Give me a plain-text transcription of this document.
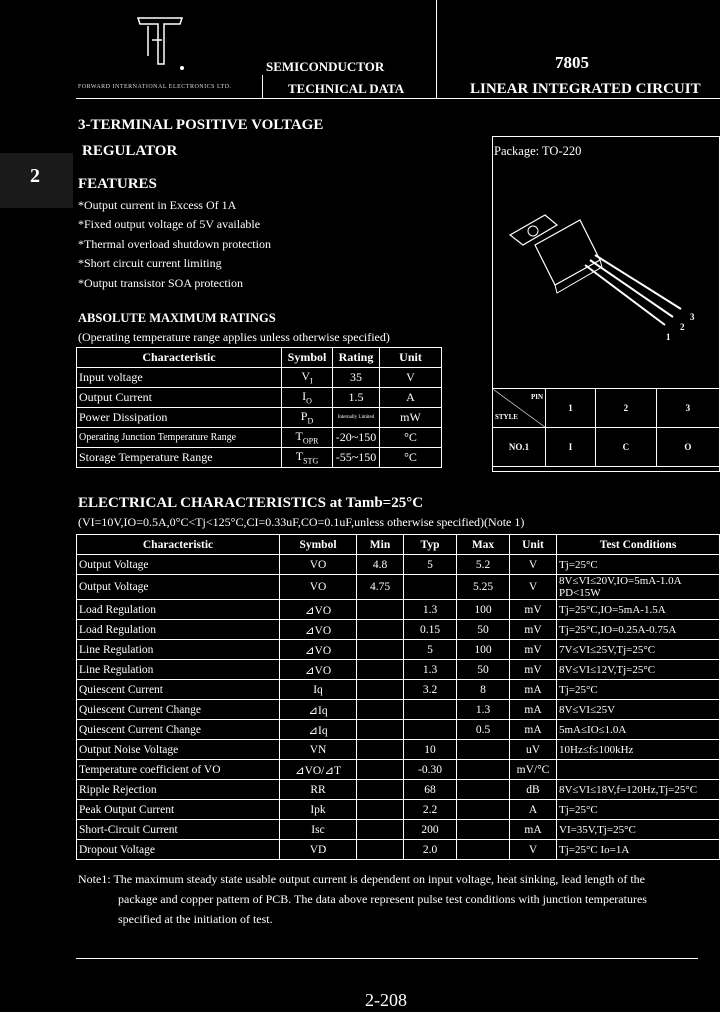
FORWARD INTERNATIONAL ELECTRONICS LTD.
SEMICONDUCTOR
TECHNICAL DATA
7805
LINEAR INTEGRATED CIRCUIT
2
3-TERMINAL POSITIVE VOLTAGE
REGULATOR
FEATURES
*Output current in Excess Of 1A
*Fixed output voltage of 5V available
*Thermal overload shutdown protection
*Short circuit current limiting
*Output transistor SOA protection
ABSOLUTE MAXIMUM RATINGS
(Operating temperature range applies unless otherwise specified)
Characteristic	Symbol	Rating	Unit
Input voltage	$V_I$	35	V
Output Current	$I_O$	1.5	A
Power Dissipation	$P_D$	Internally Limited	mW
Operating Junction Temperature Range	$T_{OPR}$	-20~150	°C
Storage Temperature Range	$T_{STG}$	-55~150	°C
Package: TO-220
1
2
3
PIN
STYLE	1	2	3
NO.1	I	C	O
ELECTRICAL CHARACTERISTICS at Tamb=25°C
(VI=10V,IO=0.5A,0°C<Tj<125°C,CI=0.33uF,CO=0.1uF,unless otherwise specified)(Note 1)
Characteristic	Symbol	Min	Typ	Max	Unit	Test Conditions
Output Voltage	VO	4.8	5	5.2	V	Tj=25°C
Output Voltage	VO	4.75		5.25	V	8V≤VI≤20V,IO=5mA-1.0A PD<15W
Load Regulation	⊿VO		1.3	100	mV	Tj=25°C,IO=5mA-1.5A
Load Regulation	⊿VO		0.15	50	mV	Tj=25°C,IO=0.25A-0.75A
Line Regulation	⊿VO		5	100	mV	7V≤VI≤25V,Tj=25°C
Line Regulation	⊿VO		1.3	50	mV	8V≤VI≤12V,Tj=25°C
Quiescent Current	Iq		3.2	8	mA	Tj=25°C
Quiescent Current Change	⊿Iq			1.3	mA	8V≤VI≤25V
Quiescent Current Change	⊿Iq			0.5	mA	5mA≤IO≤1.0A
Output Noise Voltage	VN		10		uV	10Hz≤f≤100kHz
Temperature coefficient of VO	⊿VO/⊿T		-0.30		mV/°C	
Ripple Rejection	RR		68		dB	8V≤VI≤18V,f=120Hz,Tj=25°C
Peak Output Current	Ipk		2.2		A	Tj=25°C
Short-Circuit Current	Isc		200		mA	VI=35V,Tj=25°C
Dropout Voltage	VD		2.0		V	Tj=25°C Io=1A
Note1: The maximum steady state usable output current is dependent on input voltage, heat sinking, lead length of the
package and copper pattern of PCB. The data above represent pulse test conditions with junction temperatures
specified at the initiation of test.
2-208
